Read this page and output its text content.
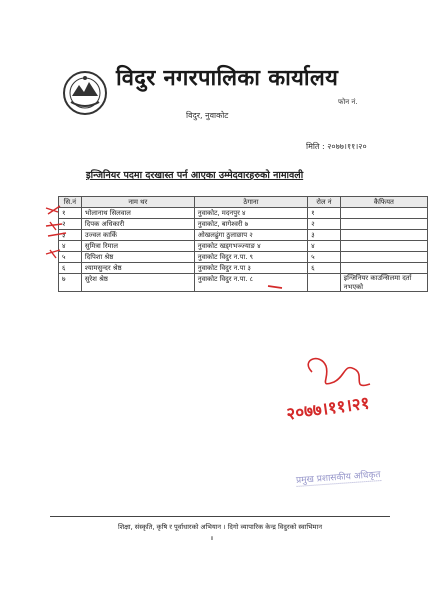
विदुर नगरपालिका कार्यालय
फोन नं.
विदुर, नुवाकोट
मिति : २०७७।११।२०
इन्जिनियर पदमा दरखास्त पर्न आएका उम्मेदवारहरुको नामावली
सि.नं	नाम थर	ठेगाना	रोल नं	कैफियत
१	भोलानाथ सिलवाल	नुवाकोट, मदनपुर ४	१	
२	दिपक अधिकारी	नुवाकोट, बागेश्वरी ७	२	
३	उज्वल कार्कि	ओखलढुंगा ठुलाछाप २	३	
४	सुमित्रा रिमाल	नुवाकोट खड्गभञ्ज्याङ ४	४	
५	दिपिशा श्रेष्ठ	नुवाकोट विदुर न.पा. ९	५	
६	श्यामसुन्दर श्रेष्ठ	नुवाकोट विदुर न.पा ३	६	
७	सुरेश श्रेष्ठ	नुवाकोट विदुर न.पा. ८		इन्जिनियर काउन्सिलमा दर्ता नभएको
२०७७।११।२१
प्रमुख प्रशासकीय अधिकृत
शिक्षा, संस्कृति, कृषि र पूर्वाधारको अभियान । दिगो व्यापारिक केन्द्र विदुरको स्वाभिमान
॥
